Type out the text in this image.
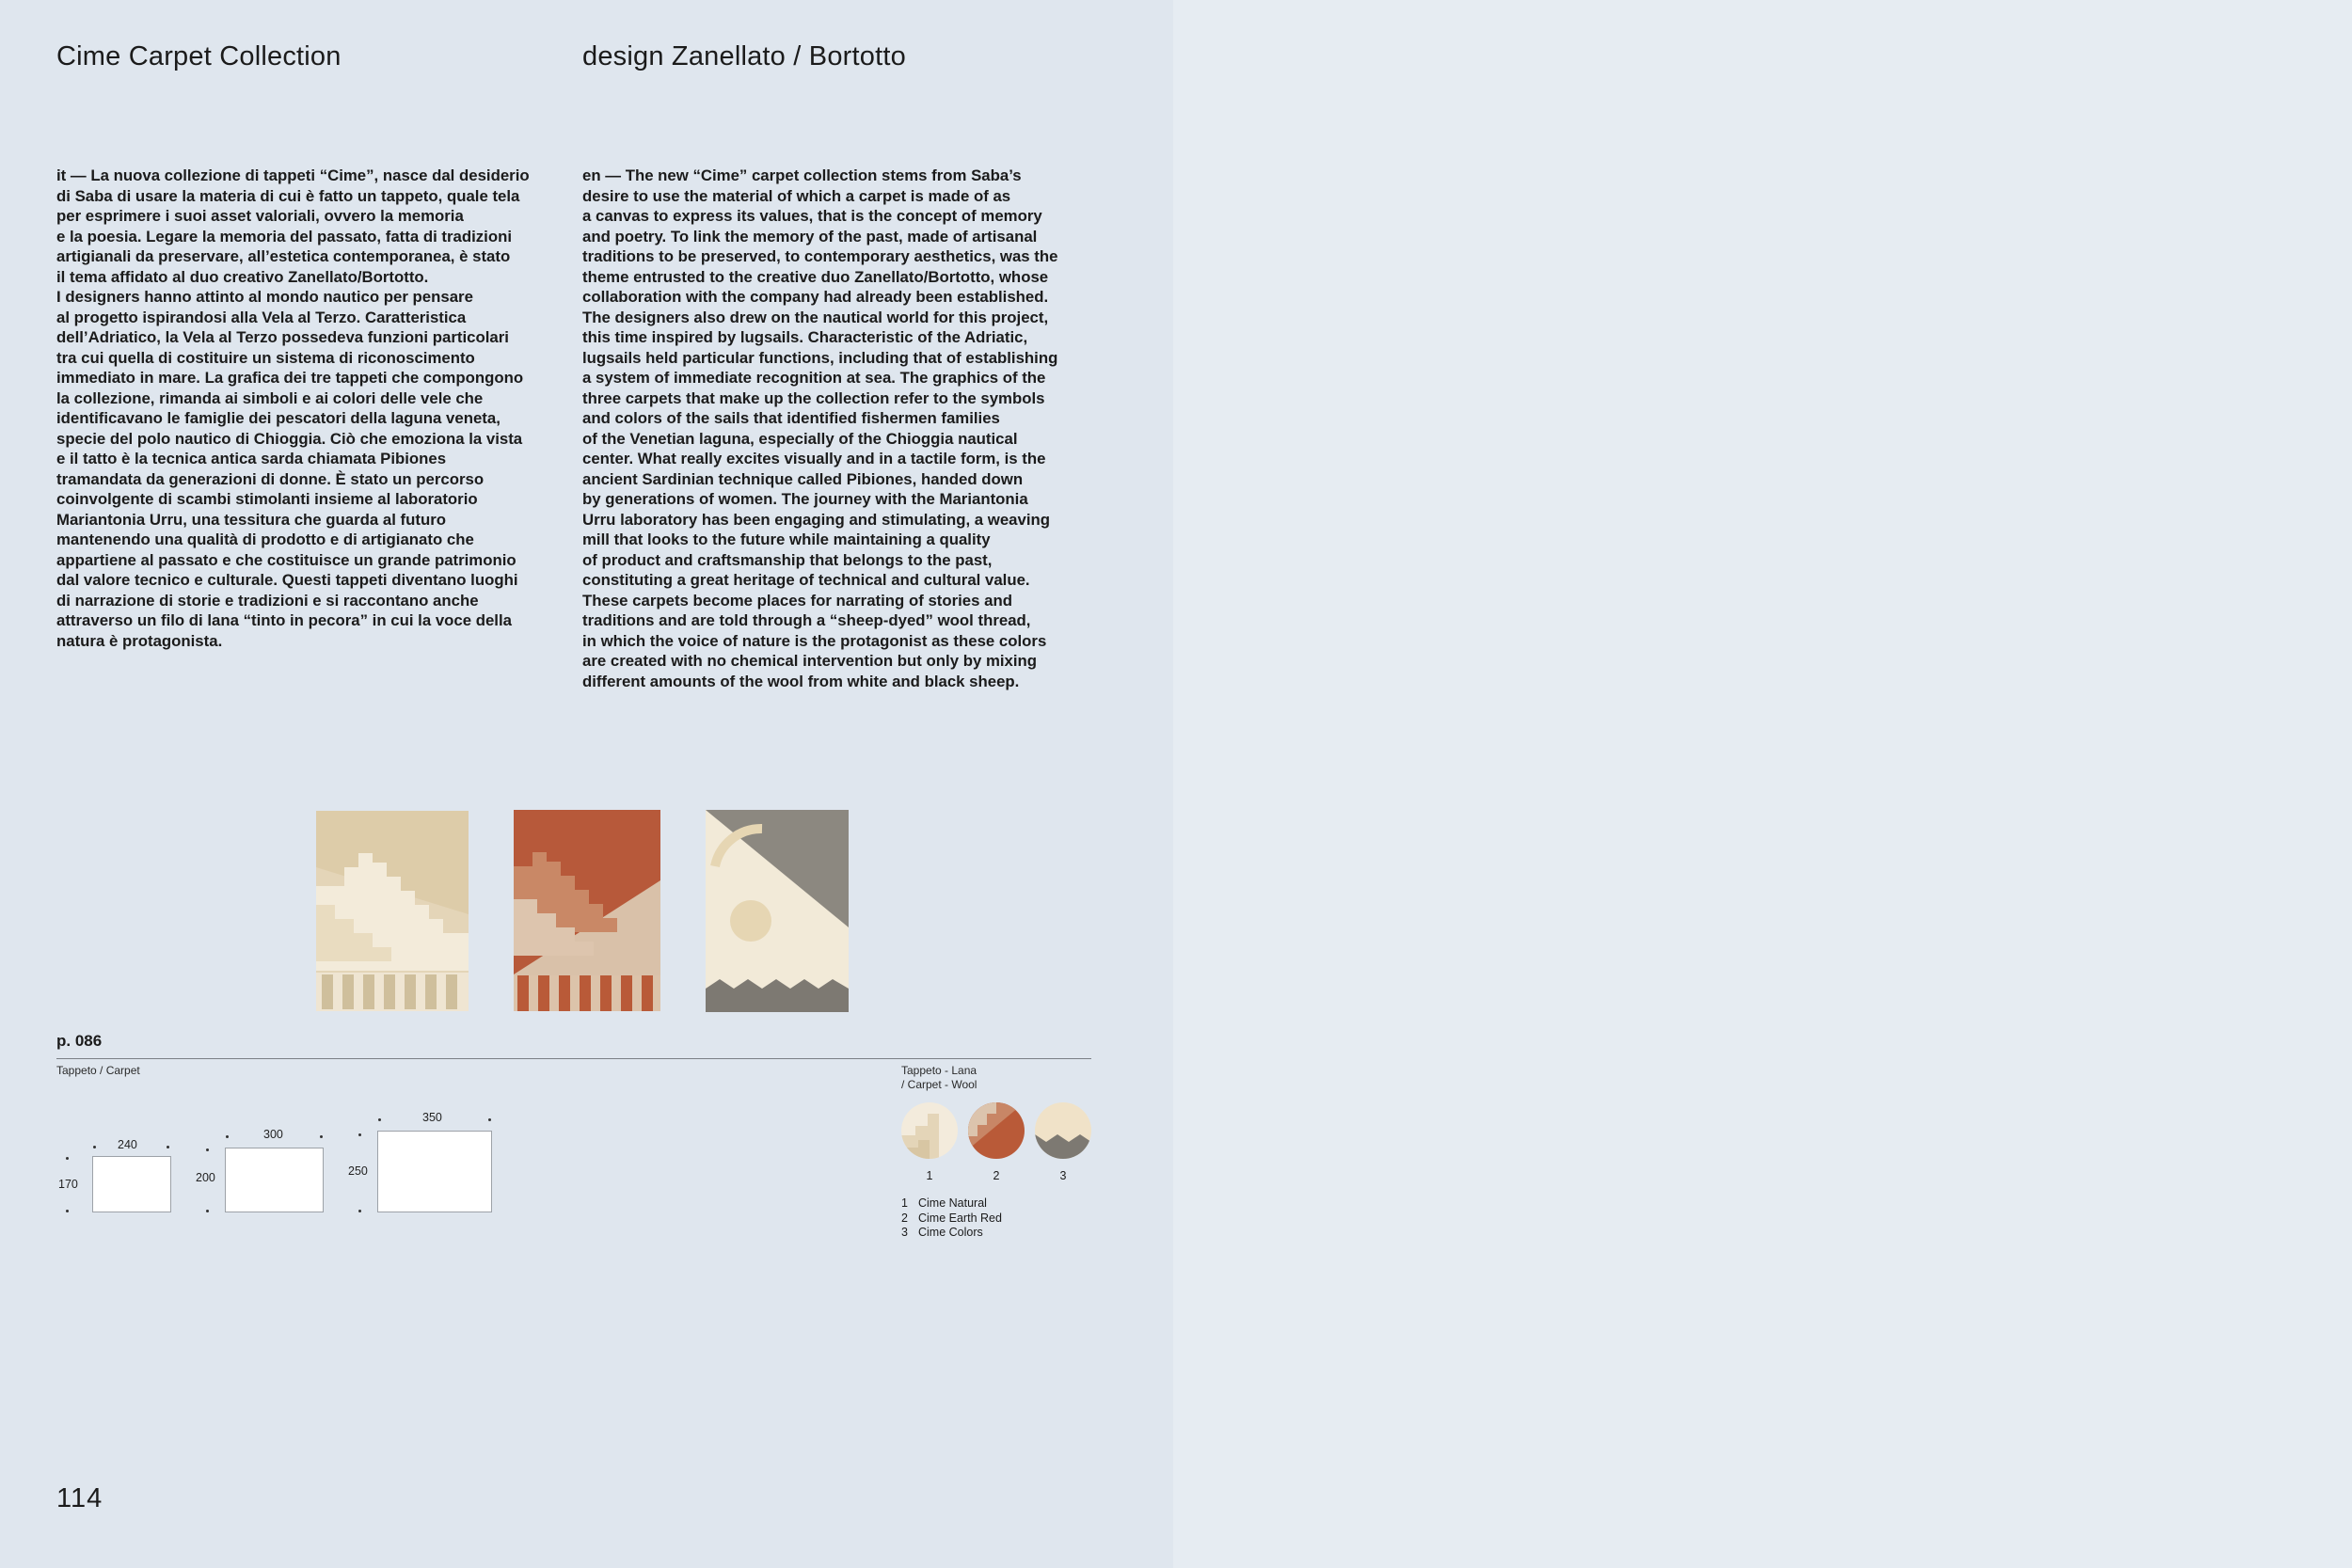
Cime Carpet Collection	design Zanellato / Bortotto
it — La nuova collezione di tappeti “Cime”, nasce dal desiderio
di Saba di usare la materia di cui è fatto un tappeto, quale tela
per esprimere i suoi asset valoriali, ovvero la memoria
e la poesia. Legare la memoria del passato, fatta di tradizioni
artigianali da preservare, all’estetica contemporanea, è stato
il tema affidato al duo creativo Zanellato/Bortotto.
I designers hanno attinto al mondo nautico per pensare
al progetto ispirandosi alla Vela al Terzo. Caratteristica
dell’Adriatico, la Vela al Terzo possedeva funzioni particolari
tra cui quella di costituire un sistema di riconoscimento
immediato in mare. La grafica dei tre tappeti che compongono
la collezione, rimanda ai simboli e ai colori delle vele che
identificavano le famiglie dei pescatori della laguna veneta,
specie del polo nautico di Chioggia. Ciò che emoziona la vista
e il tatto è la tecnica antica sarda chiamata Pibiones
tramandata da generazioni di donne. È stato un percorso
coinvolgente di scambi stimolanti insieme al laboratorio
Mariantonia Urru, una tessitura che guarda al futuro
mantenendo una qualità di prodotto e di artigianato che
appartiene al passato e che costituisce un grande patrimonio
dal valore tecnico e culturale. Questi tappeti diventano luoghi
di narrazione di storie e tradizioni e si raccontano anche
attraverso un filo di lana “tinto in pecora” in cui la voce della
natura è protagonista.
en — The new “Cime” carpet collection stems from Saba’s
desire to use the material of which a carpet is made of as
a canvas to express its values, that is the concept of memory
and poetry. To link the memory of the past, made of artisanal
traditions to be preserved, to contemporary aesthetics, was the
theme entrusted to the creative duo Zanellato/Bortotto, whose
collaboration with the company had already been established.
The designers also drew on the nautical world for this project,
this time inspired by lugsails. Characteristic of the Adriatic,
lugsails held particular functions, including that of establishing
a system of immediate recognition at sea. The graphics of the
three carpets that make up the collection refer to the symbols
and colors of the sails that identified fishermen families
of the Venetian laguna, especially of the Chioggia nautical
center. What really excites visually and in a tactile form, is the
ancient Sardinian technique called Pibiones, handed down
by generations of women. The journey with the Mariantonia
Urru laboratory has been engaging and stimulating, a weaving
mill that looks to the future while maintaining a quality
of product and craftsmanship that belongs to the past,
constituting a great heritage of technical and cultural value.
These carpets become places for narrating of stories and
traditions and are told through a “sheep-dyed” wool thread,
in which the voice of nature is the protagonist as these colors
are created with no chemical intervention but only by mixing
different amounts of the wool from white and black sheep.
p. 086
Tappeto / Carpet	Tappeto - Lana
/ Carpet - Wool
240
170
300
200
350
250	1	2	3
1 Cime Natural
2 Cime Earth Red
3 Cime Colors
114
